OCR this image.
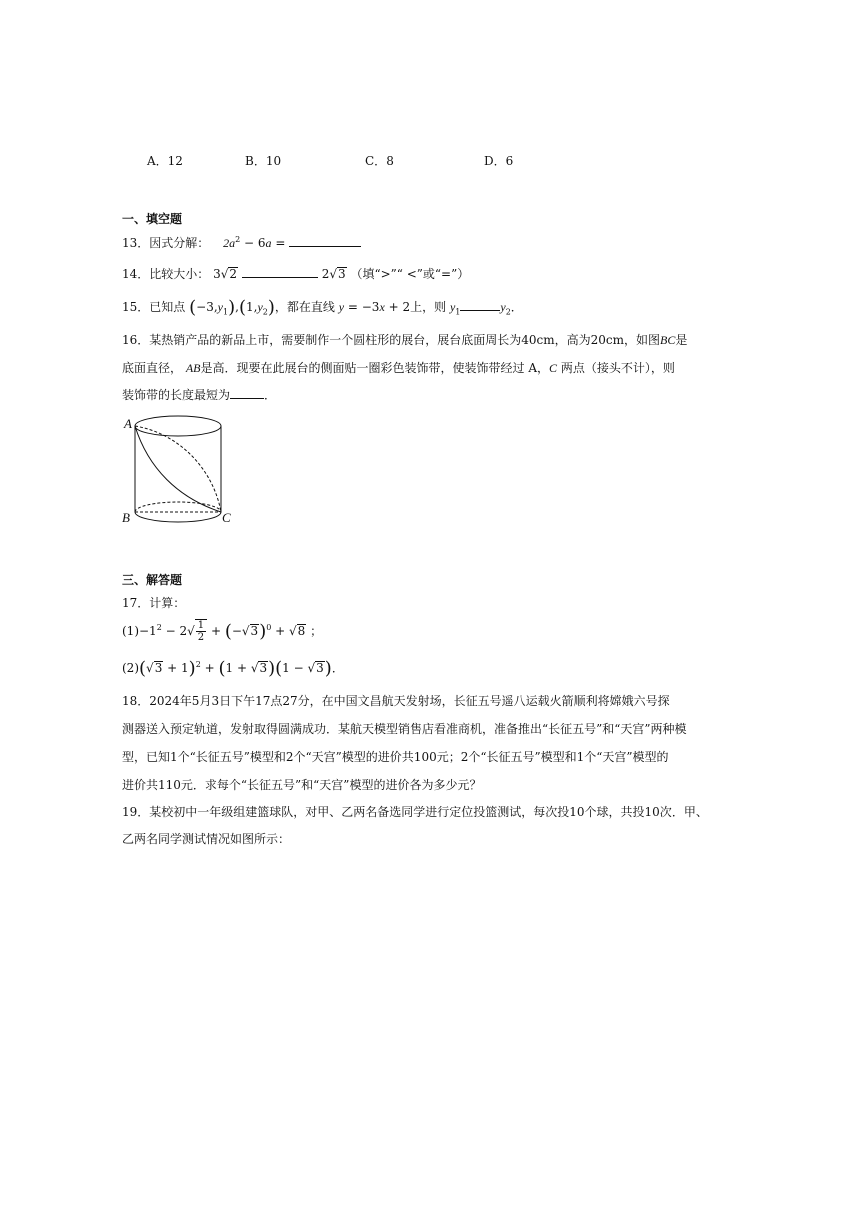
A．12	B．10	C．8	D．6
一、填空题
13．因式分解： $2a^2 - 6a$ =
14．比较大小： 3√2	2√3 （填“>”“ <”或“=”）
15．已知点 $(-3,y_1),(1,y_2)$，都在直线 y = −3x + 2上，则 $y_1$	$y_2$．
16．某热销产品的新品上市，需要制作一个圆柱形的展台，展台底面周长为40cm，高为20cm，如图BC是
底面直径， AB是高．现要在此展台的侧面贴一圈彩色装饰带，使装饰带经过 A，C 两点（接头不计），则
装饰带的长度最短为	．
A
B	C
三、解答题
17．计算：
$(1)-1^2 - 2√ \frac{1}{2} + (-√3)^0 + √8$ ；
$(2)(√3 + 1)^2 + (1 + √3)(1 - √3)$．
18．2024年5月3日下午17点27分，在中国文昌航天发射场，长征五号遥八运载火箭顺利将嫦娥六号探
测器送入预定轨道，发射取得圆满成功．某航天模型销售店看准商机，准备推出“长征五号”和“天宫”两种模
型，已知1个“长征五号”模型和2个“天宫”模型的进价共100元；2个“长征五号”模型和1个“天宫”模型的
进价共110元．求每个“长征五号”和“天宫”模型的进价各为多少元？
19．某校初中一年级组建篮球队，对甲、乙两名备选同学进行定位投篮测试，每次投10个球，共投10次．甲、
乙两名同学测试情况如图所示：
